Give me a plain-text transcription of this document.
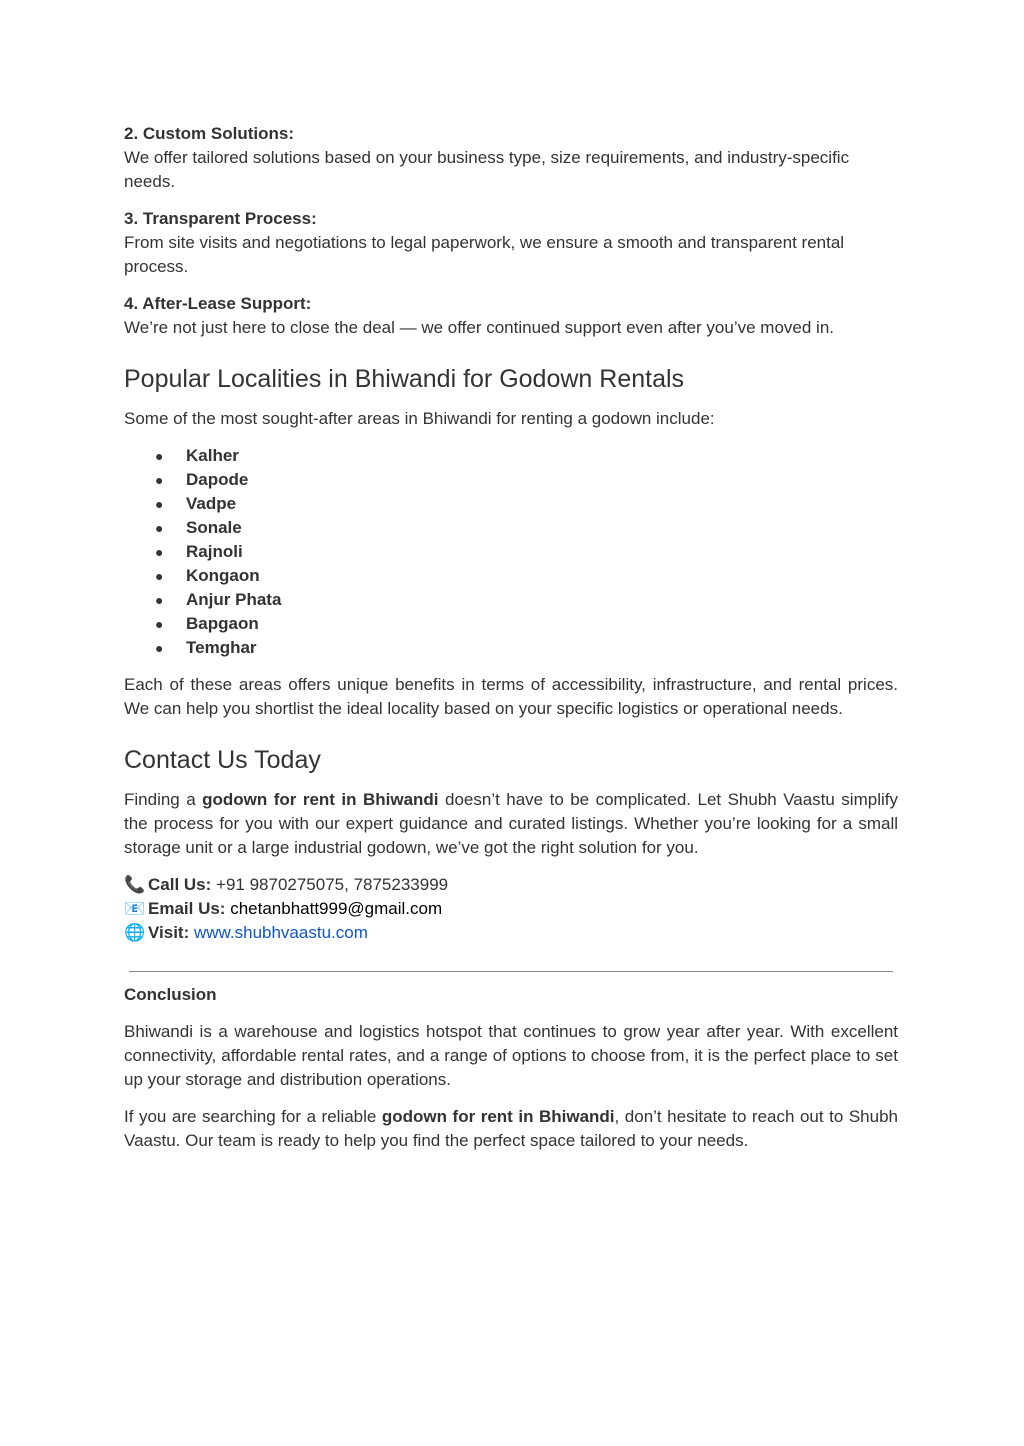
2. Custom Solutions:
We offer tailored solutions based on your business type, size requirements, and industry-specific needs.
3. Transparent Process:
From site visits and negotiations to legal paperwork, we ensure a smooth and transparent rental process.
4. After-Lease Support:
We’re not just here to close the deal — we offer continued support even after you’ve moved in.
Popular Localities in Bhiwandi for Godown Rentals

Some of the most sought-after areas in Bhiwandi for renting a godown include:

● Kalher
● Dapode
● Vadpe
● Sonale
● Rajnoli
● Kongaon
● Anjur Phata
● Bapgaon
● Temghar

Each of these areas offers unique benefits in terms of accessibility, infrastructure, and rental prices. We can help you shortlist the ideal locality based on your specific logistics or operational needs.

Contact Us Today

Finding a godown for rent in Bhiwandi doesn’t have to be complicated. Let Shubh Vaastu simplify the process for you with our expert guidance and curated listings. Whether you’re looking for a small storage unit or a large industrial godown, we’ve got the right solution for you.

📞 Call Us: +91 9870275075, 7875233999
📧 Email Us: chetanbhatt999@gmail.com
🌐 Visit: www.shubhvaastu.com
Conclusion

Bhiwandi is a warehouse and logistics hotspot that continues to grow year after year. With excellent connectivity, affordable rental rates, and a range of options to choose from, it is the perfect place to set up your storage and distribution operations.

If you are searching for a reliable godown for rent in Bhiwandi, don’t hesitate to reach out to Shubh Vaastu. Our team is ready to help you find the perfect space tailored to your needs.
